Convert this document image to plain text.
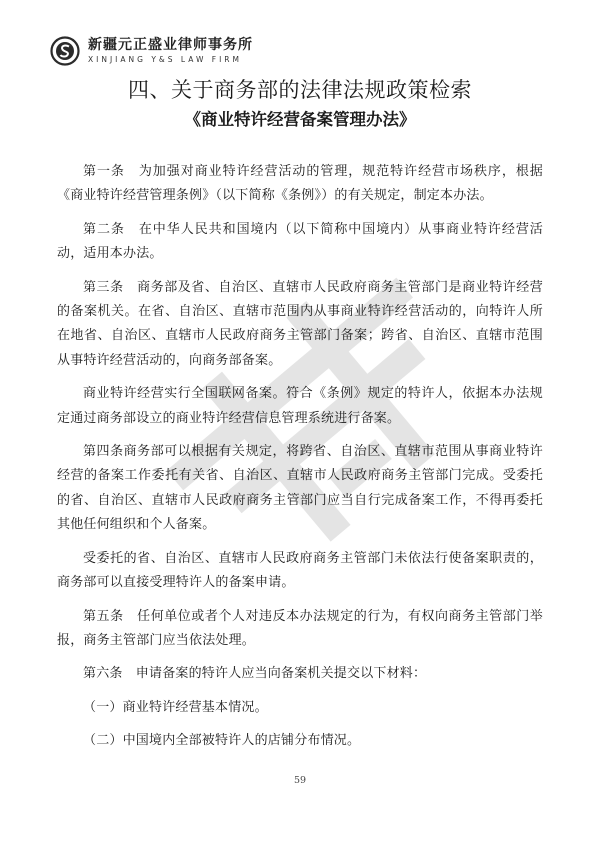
新疆元正盛业律师事务所
XINJIANG Y&S LAW FIRM
四、关于商务部的法律法规政策检索
《商业特许经营备案管理办法》

第一条　为加强对商业特许经营活动的管理，规范特许经营市场秩序，根据《商业特许经营管理条例》（以下简称《条例》）的有关规定，制定本办法。

第二条　在中华人民共和国境内（以下简称中国境内）从事商业特许经营活动，适用本办法。

第三条　商务部及省、自治区、直辖市人民政府商务主管部门是商业特许经营的备案机关。在省、自治区、直辖市范围内从事商业特许经营活动的，向特许人所在地省、自治区、直辖市人民政府商务主管部门备案；跨省、自治区、直辖市范围从事特许经营活动的，向商务部备案。

商业特许经营实行全国联网备案。符合《条例》规定的特许人，依据本办法规定通过商务部设立的商业特许经营信息管理系统进行备案。

第四条商务部可以根据有关规定，将跨省、自治区、直辖市范围从事商业特许经营的备案工作委托有关省、自治区、直辖市人民政府商务主管部门完成。受委托的省、自治区、直辖市人民政府商务主管部门应当自行完成备案工作，不得再委托其他任何组织和个人备案。

受委托的省、自治区、直辖市人民政府商务主管部门未依法行使备案职责的，商务部可以直接受理特许人的备案申请。

第五条　任何单位或者个人对违反本办法规定的行为，有权向商务主管部门举报，商务主管部门应当依法处理。

第六条　申请备案的特许人应当向备案机关提交以下材料：

（一）商业特许经营基本情况。

（二）中国境内全部被特许人的店铺分布情况。

59
